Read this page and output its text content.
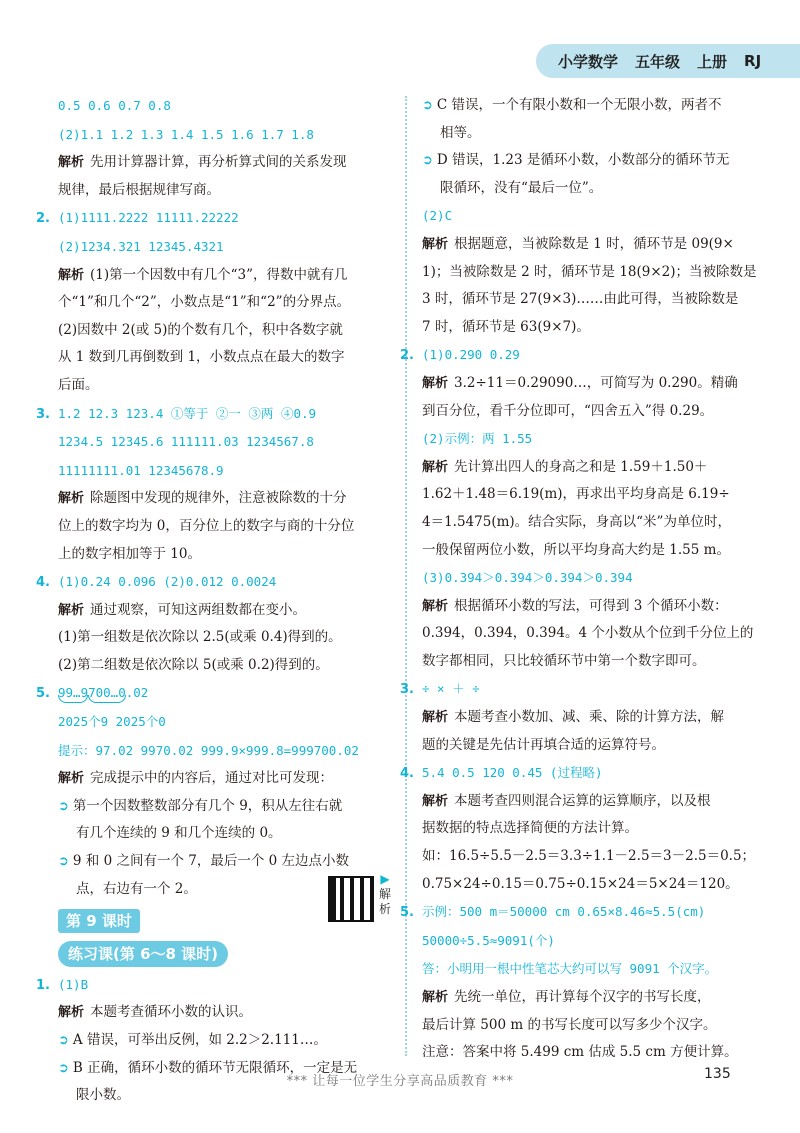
小学数学 五年级 上册 RJ
0.5 0.6 0.7 0.8
(2)1.1 1.2 1.3 1.4 1.5 1.6 1.7 1.8
解析 先用计算器计算，再分析算式间的关系发现
规律，最后根据规律写商。
2. (1)1111.2222 11111.22222
(2)1234.321 12345.4321
解析 (1)第一个因数中有几个“3”，得数中就有几
个“1”和几个“2”，小数点是“1”和“2”的分界点。
(2)因数中 2(或 5)的个数有几个，积中各数字就
从 1 数到几再倒数到 1，小数点点在最大的数字
后面。
3. 1.2 12.3 123.4 ①等于 ②一 ③两 ④0.9
1234.5 12345.6 111111.03 1234567.8
11111111.01 12345678.9
解析 除题图中发现的规律外，注意被除数的十分
位上的数字均为 0，百分位上的数字与商的十分位
上的数字相加等于 10。
4. (1)0.24 0.096 (2)0.012 0.0024
解析 通过观察，可知这两组数都在变小。
(1)第一组数是依次除以 2.5(或乘 0.4)得到的。
(2)第二组数是依次除以 5(或乘 0.2)得到的。
5. 99…9
700…0
.02
2025个9 2025个0
提示：97.02 9970.02 999.9×999.8=999700.02
解析 完成提示中的内容后，通过对比可发现：
➲ 第一个因数整数部分有几个 9，积从左往右就
有几个连续的 9 和几个连续的 0。
➲ 9 和 0 之间有一个 7，最后一个 0 左边点小数
点，右边有一个 2。
第 9 课时
练习课(第 6～8 课时)
1. (1)B
解析 本题考查循环小数的认识。
➲ A 错误，可举出反例，如 2.2＞2.111…。
➲ B 正确，循环小数的循环节无限循环，一定是无
限小数。
▶ 解析
➲ C 错误，一个有限小数和一个无限小数，两者不
相等。
➲ D 错误，1.23 是循环小数，小数部分的循环节无
限循环，没有“最后一位”。
(2)C
解析 根据题意，当被除数是 1 时，循环节是 09(9×
1)；当被除数是 2 时，循环节是 18(9×2)；当被除数是
3 时，循环节是 27(9×3)……由此可得，当被除数是
7 时，循环节是 63(9×7)。
2. (1)0.290 0.29
解析 3.2÷11＝0.29090…，可简写为 0.290。精确
到百分位，看千分位即可，“四舍五入”得 0.29。
(2)示例：两 1.55
解析 先计算出四人的身高之和是 1.59＋1.50＋
1.62＋1.48＝6.19(m)，再求出平均身高是 6.19÷
4＝1.5475(m)。结合实际，身高以“米”为单位时，
一般保留两位小数，所以平均身高大约是 1.55 m。
(3)0.394＞0.394＞0.394＞0.394
解析 根据循环小数的写法，可得到 3 个循环小数：
0.394，0.394，0.394。4 个小数从个位到千分位上的
数字都相同，只比较循环节中第一个数字即可。
3. ÷ × ＋ ÷
解析 本题考查小数加、减、乘、除的计算方法，解
题的关键是先估计再填合适的运算符号。
4. 5.4 0.5 120 0.45 (过程略)
解析 本题考查四则混合运算的运算顺序，以及根
据数据的特点选择简便的方法计算。
如：16.5÷5.5－2.5＝3.3÷1.1－2.5＝3－2.5＝0.5；
0.75×24÷0.15＝0.75÷0.15×24＝5×24＝120。
5. 示例：500 m＝50000 cm 0.65×8.46≈5.5(cm)
50000÷5.5≈9091(个)
答：小明用一根中性笔芯大约可以写 9091 个汉字。
解析 先统一单位，再计算每个汉字的书写长度，
最后计算 500 m 的书写长度可以写多少个汉字。
注意：答案中将 5.499 cm 估成 5.5 cm 方便计算。
*** 让每一位学生分享高品质教育 ***	135
